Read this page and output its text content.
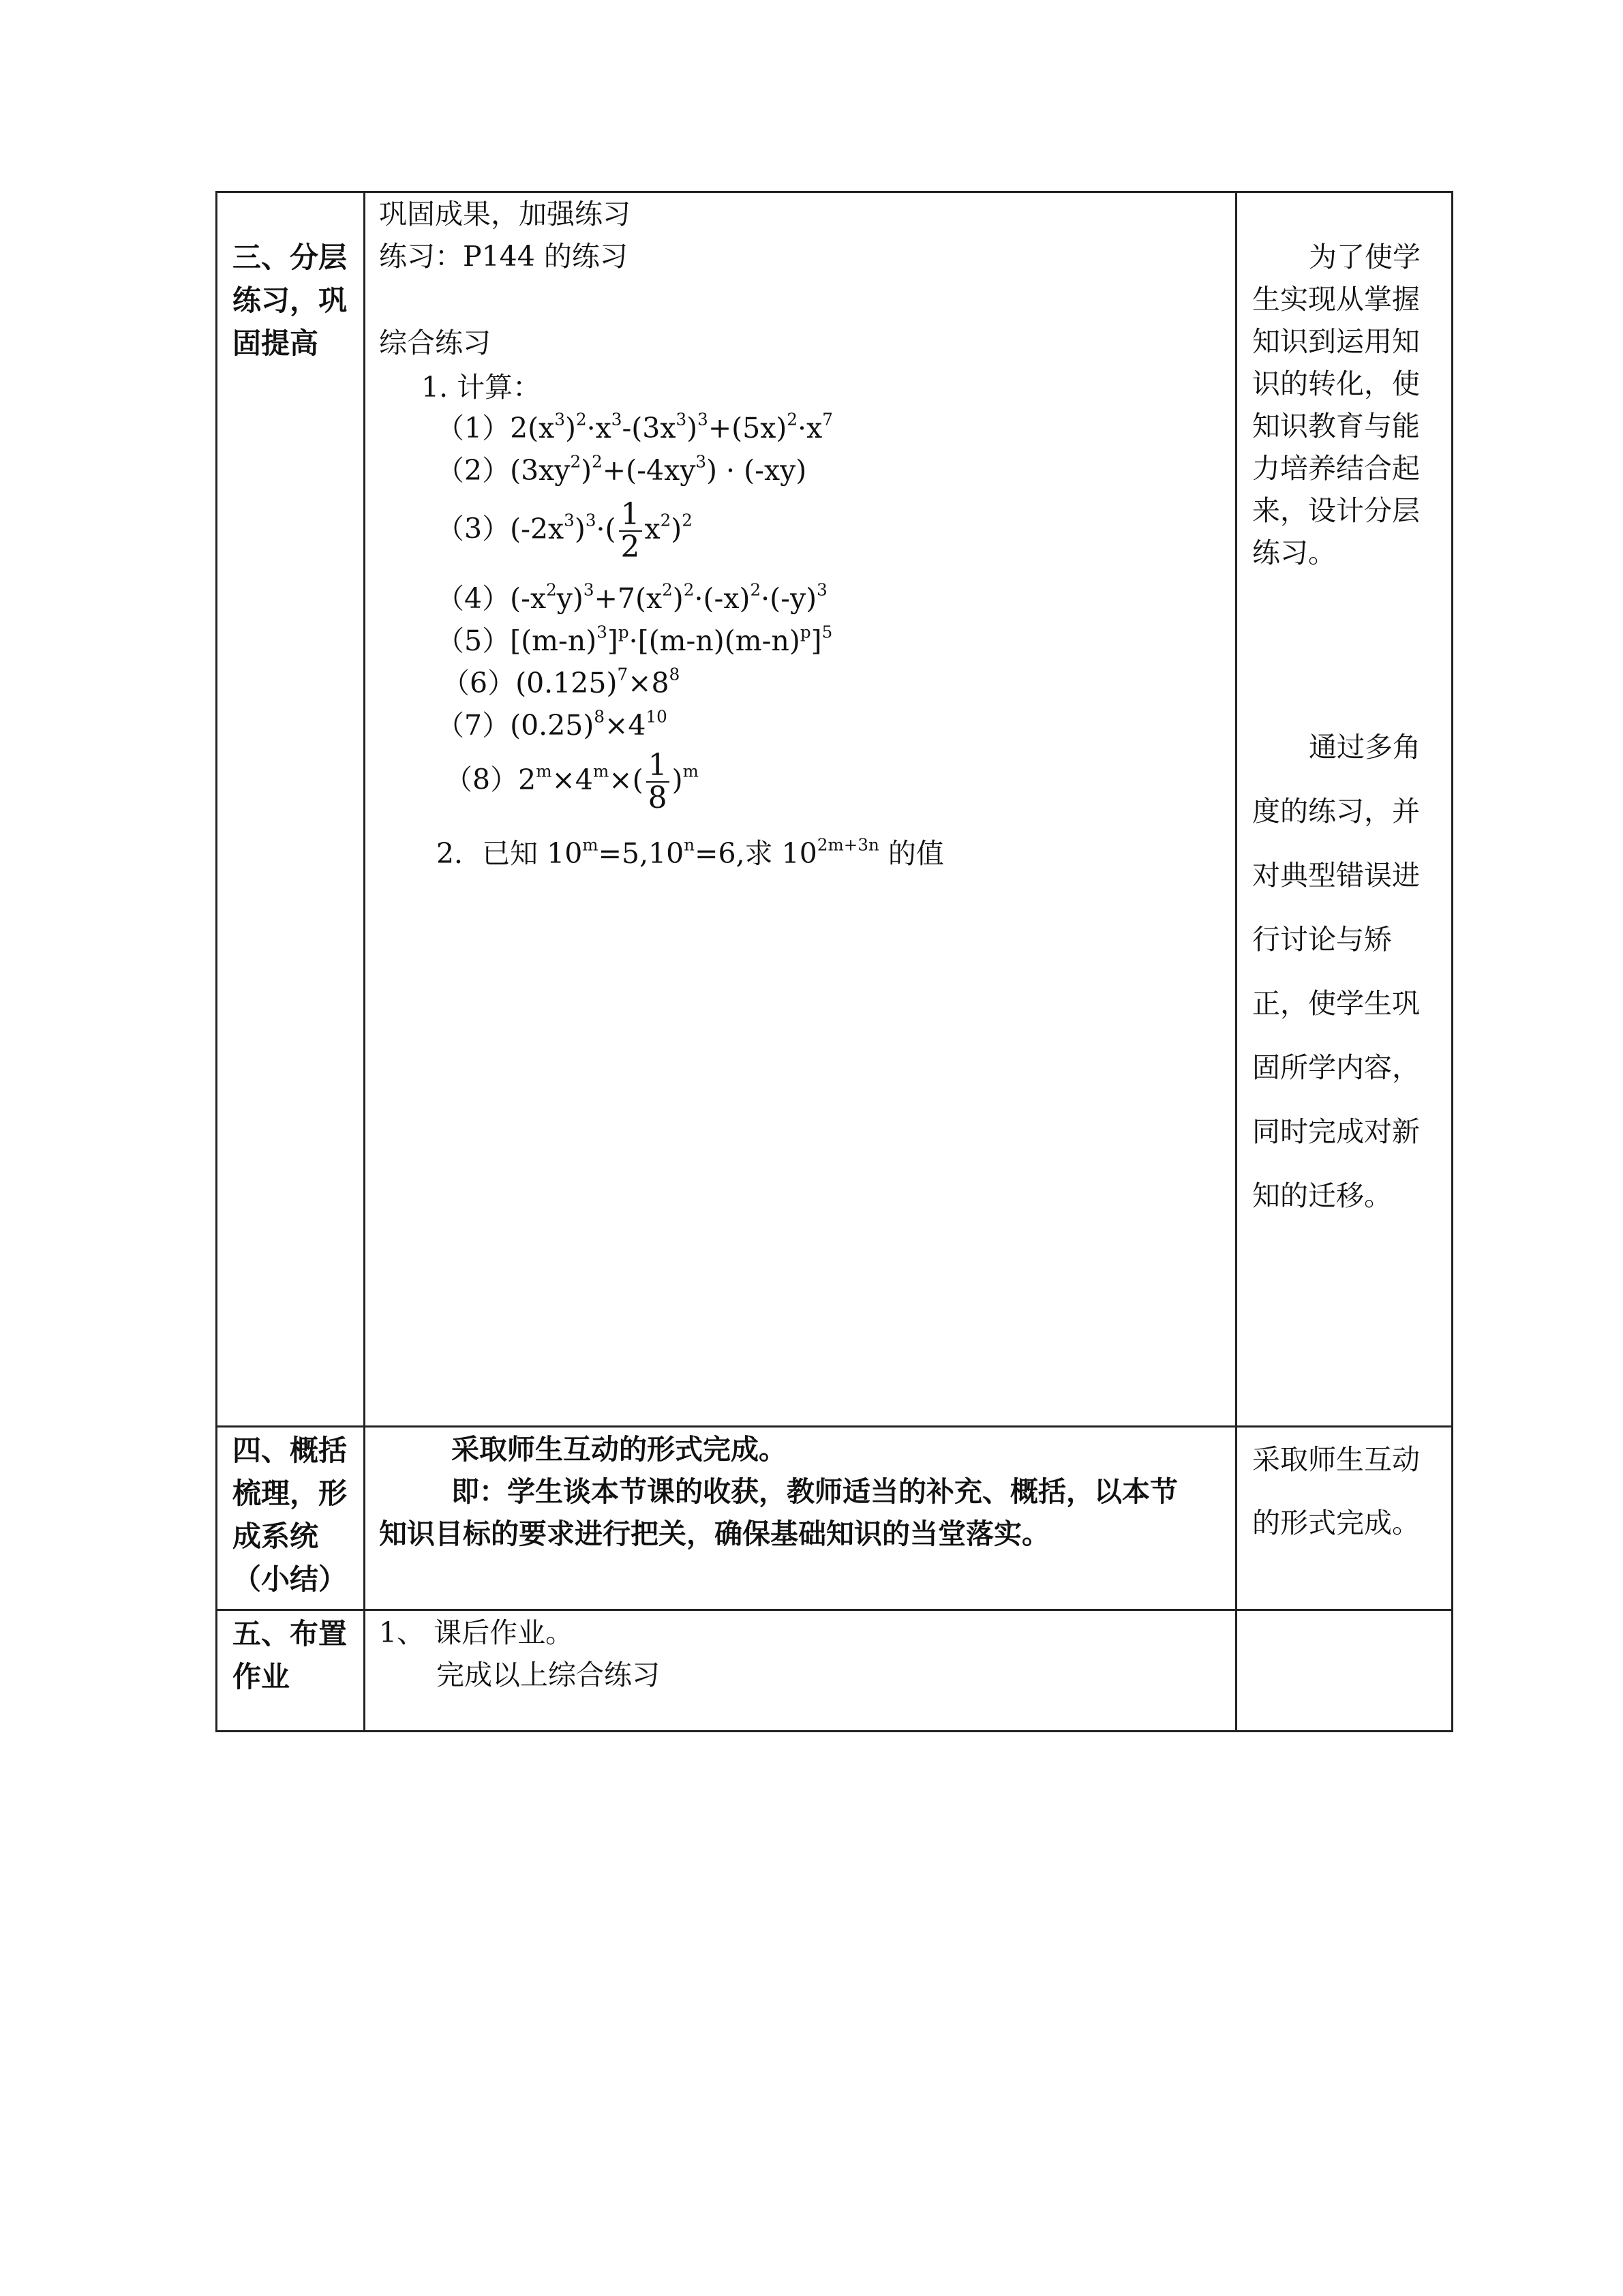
三、分层
练习，巩
固提高
巩固成果，加强练习
练习：P144 的练习
综合练习
1. 计算：
$(1)2(x^3)^2\cdot x^3-(3x^3)^3+(5x)^2\cdot x^7$
$(2)(3xy^2)^2+(-4xy^3) \cdot (-xy)$
$(3)(-2x^3)^3\cdot( \frac{1}{2} x^2)^2$
$(4)(-x^2y)^3+7(x^2)^2\cdot(-x)^2\cdot(-y)^3$
$(5)[(m-n)^3]^p\cdot[(m-n)(m-n)^p]^5$
$(6)(0.125)^7\times 8^8$
$(7)(0.25)^8\times 4^{10}$
$(8)2^m\times 4^m\times( \frac{1}{8} )^m$
2．已知 $10^m=5,10^n=6$,求 $10^{2m+3n}$ 的值
为了使学
生实现从掌握
知识到运用知
识的转化，使
知识教育与能
力培养结合起
来，设计分层
练习。
通过多角
度的练习，并
对典型错误进
行讨论与矫
正，使学生巩
固所学内容，
同时完成对新
知的迁移。
四、概括
梳理，形
成系统
（小结）
采取师生互动的形式完成。
即：学生谈本节课的收获，教师适当的补充、概括，以本节
知识目标的要求进行把关，确保基础知识的当堂落实。
采取师生互动
的形式完成。
五、布置
作业
1、 课后作业。
完成以上综合练习
